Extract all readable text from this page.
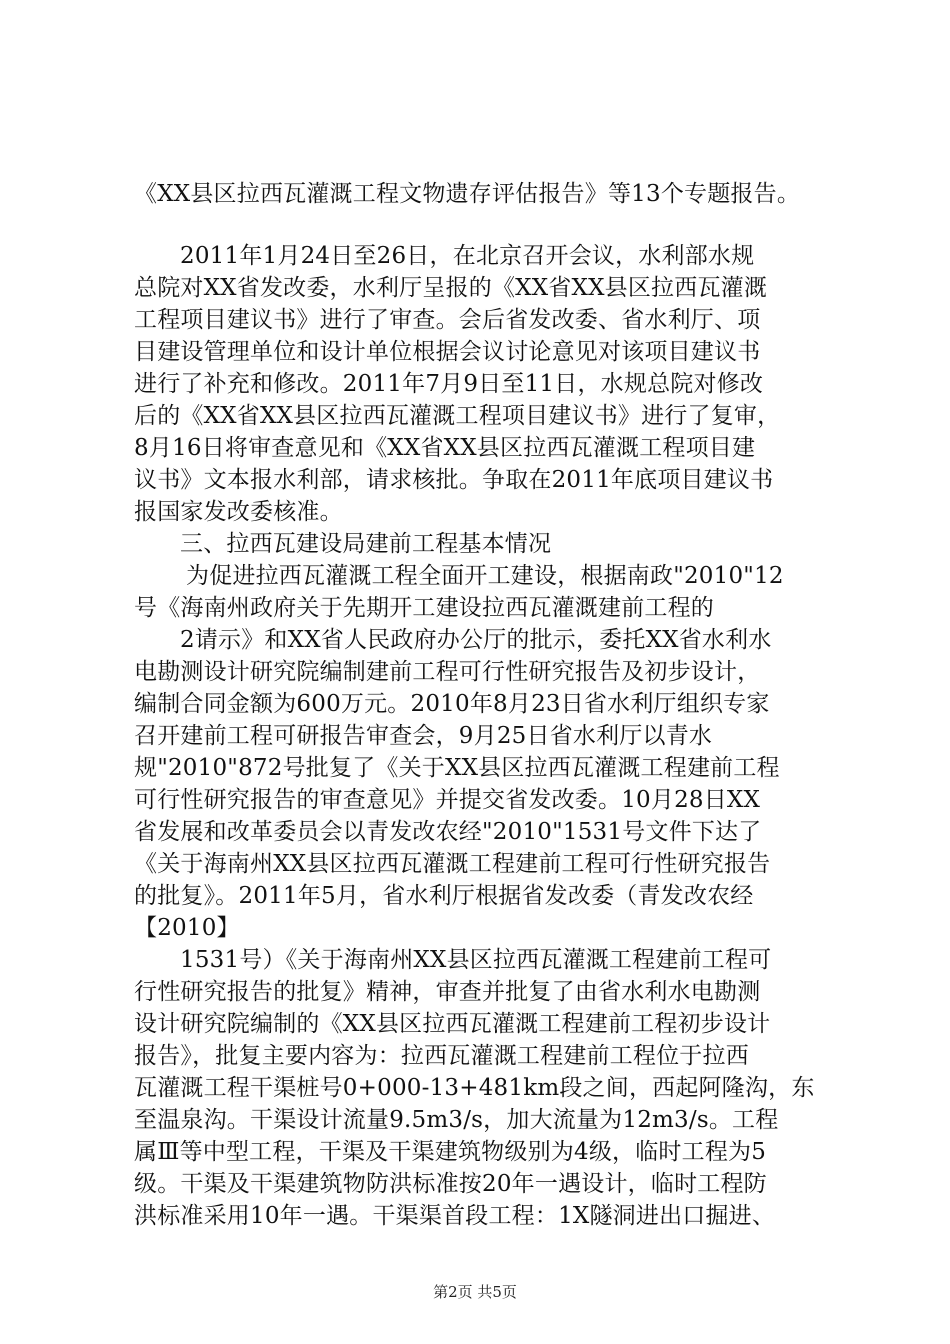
《XX县区拉西瓦灌溉工程文物遗存评估报告》等13个专题报告。

2011年1月24日至26日，在北京召开会议，水利部水规

总院对XX省发改委，水利厅呈报的《XX省XX县区拉西瓦灌溉

工程项目建议书》进行了审查。会后省发改委、省水利厅、项

目建设管理单位和设计单位根据会议讨论意见对该项目建议书

进行了补充和修改。2011年7月9日至11日，水规总院对修改

后的《XX省XX县区拉西瓦灌溉工程项目建议书》进行了复审，

8月16日将审查意见和《XX省XX县区拉西瓦灌溉工程项目建

议书》文本报水利部，请求核批。争取在2011年底项目建议书

报国家发改委核准。

三、拉西瓦建设局建前工程基本情况

为促进拉西瓦灌溉工程全面开工建设，根据南政"2010"12

号《海南州政府关于先期开工建设拉西瓦灌溉建前工程的

2请示》和XX省人民政府办公厅的批示，委托XX省水利水

电勘测设计研究院编制建前工程可行性研究报告及初步设计，

编制合同金额为600万元。2010年8月23日省水利厅组织专家

召开建前工程可研报告审查会，9月25日省水利厅以青水

规"2010"872号批复了《关于XX县区拉西瓦灌溉工程建前工程

可行性研究报告的审查意见》并提交省发改委。10月28日XX

省发展和改革委员会以青发改农经"2010"1531号文件下达了

《关于海南州XX县区拉西瓦灌溉工程建前工程可行性研究报告

的批复》。2011年5月，省水利厅根据省发改委（青发改农经

【2010】

1531号）《关于海南州XX县区拉西瓦灌溉工程建前工程可

行性研究报告的批复》精神，审查并批复了由省水利水电勘测

设计研究院编制的《XX县区拉西瓦灌溉工程建前工程初步设计

报告》，批复主要内容为：拉西瓦灌溉工程建前工程位于拉西

瓦灌溉工程干渠桩号0+000-13+481km段之间，西起阿隆沟，东

至温泉沟。干渠设计流量9.5m3/s，加大流量为12m3/s。工程

属Ⅲ等中型工程，干渠及干渠建筑物级别为4级，临时工程为5

级。干渠及干渠建筑物防洪标准按20年一遇设计，临时工程防

洪标准采用10年一遇。干渠渠首段工程：1X隧洞进出口掘进、

第2页 共5页
